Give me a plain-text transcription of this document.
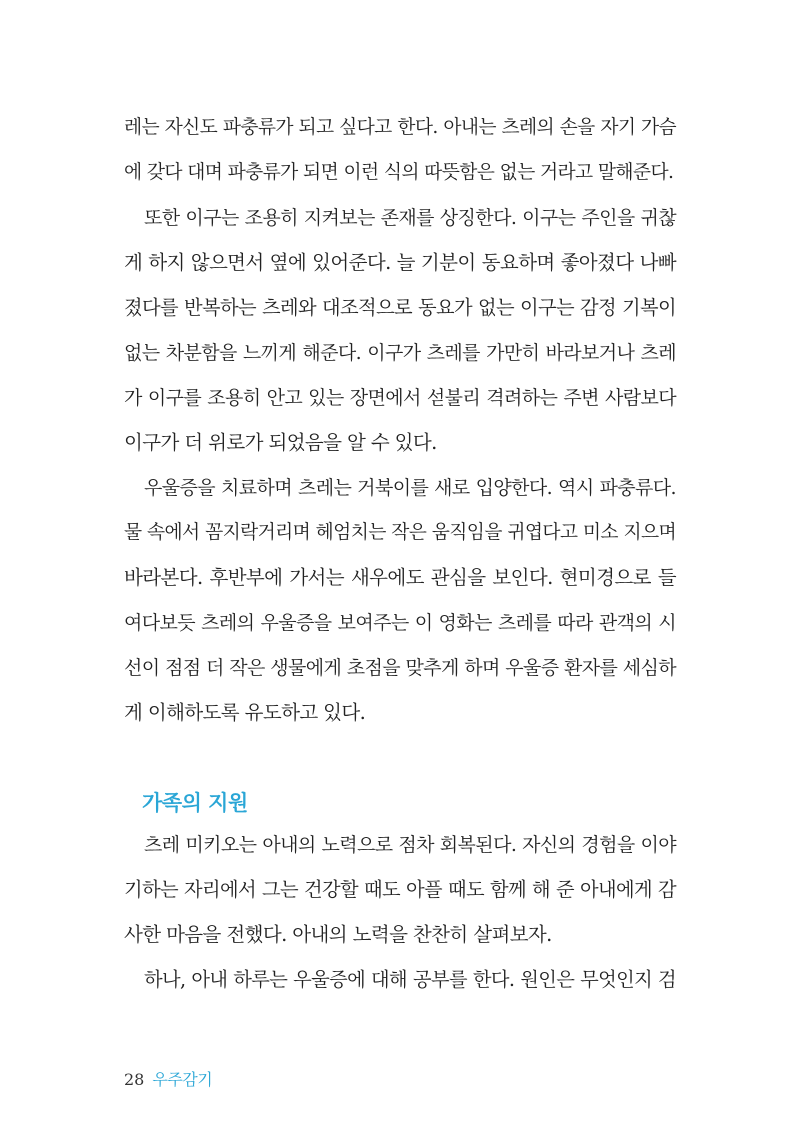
레는 자신도 파충류가 되고 싶다고 한다. 아내는 츠레의 손을 자기 가슴
에 갖다 대며 파충류가 되면 이런 식의 따뜻함은 없는 거라고 말해준다.
또한 이구는 조용히 지켜보는 존재를 상징한다. 이구는 주인을 귀찮
게 하지 않으면서 옆에 있어준다. 늘 기분이 동요하며 좋아졌다 나빠
졌다를 반복하는 츠레와 대조적으로 동요가 없는 이구는 감정 기복이
없는 차분함을 느끼게 해준다. 이구가 츠레를 가만히 바라보거나 츠레
가 이구를 조용히 안고 있는 장면에서 섣불리 격려하는 주변 사람보다
이구가 더 위로가 되었음을 알 수 있다.
우울증을 치료하며 츠레는 거북이를 새로 입양한다. 역시 파충류다.
물 속에서 꼼지락거리며 헤엄치는 작은 움직임을 귀엽다고 미소 지으며
바라본다. 후반부에 가서는 새우에도 관심을 보인다. 현미경으로 들
여다보듯 츠레의 우울증을 보여주는 이 영화는 츠레를 따라 관객의 시
선이 점점 더 작은 생물에게 초점을 맞추게 하며 우울증 환자를 세심하
게 이해하도록 유도하고 있다.
가족의 지원
츠레 미키오는 아내의 노력으로 점차 회복된다. 자신의 경험을 이야
기하는 자리에서 그는 건강할 때도 아플 때도 함께 해 준 아내에게 감
사한 마음을 전했다. 아내의 노력을 찬찬히 살펴보자.
하나, 아내 하루는 우울증에 대해 공부를 한다. 원인은 무엇인지 검
28 우주감기
